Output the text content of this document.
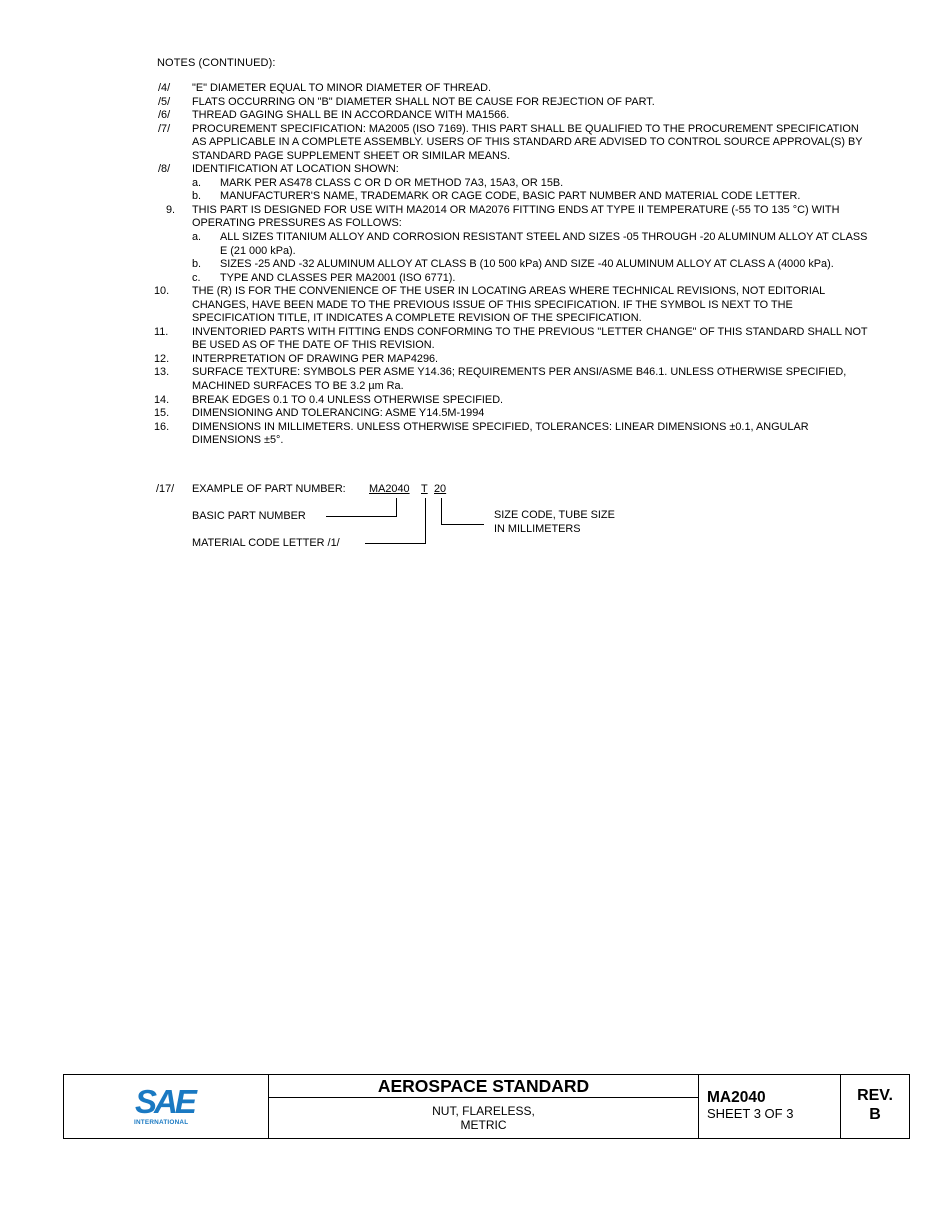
NOTES (CONTINUED):
/4/	"E" DIAMETER EQUAL TO MINOR DIAMETER OF THREAD.
/5/	FLATS OCCURRING ON "B" DIAMETER SHALL NOT BE CAUSE FOR REJECTION OF PART.
/6/	THREAD GAGING SHALL BE IN ACCORDANCE WITH MA1566.
/7/	PROCUREMENT SPECIFICATION: MA2005 (ISO 7169). THIS PART SHALL BE QUALIFIED TO THE PROCUREMENT SPECIFICATION AS APPLICABLE IN A COMPLETE ASSEMBLY. USERS OF THIS STANDARD ARE ADVISED TO CONTROL SOURCE APPROVAL(S) BY STANDARD PAGE SUPPLEMENT SHEET OR SIMILAR MEANS.
/8/	IDENTIFICATION AT LOCATION SHOWN:
a.	MARK PER AS478 CLASS C OR D OR METHOD 7A3, 15A3, OR 15B.
b.	MANUFACTURER'S NAME, TRADEMARK OR CAGE CODE, BASIC PART NUMBER AND MATERIAL CODE LETTER.
9.	THIS PART IS DESIGNED FOR USE WITH MA2014 OR MA2076 FITTING ENDS AT TYPE II TEMPERATURE (-55 TO 135 °C) WITH OPERATING PRESSURES AS FOLLOWS:
a.	ALL SIZES TITANIUM ALLOY AND CORROSION RESISTANT STEEL AND SIZES -05 THROUGH -20 ALUMINUM ALLOY AT CLASS E (21 000 kPa).
b.	SIZES -25 AND -32 ALUMINUM ALLOY AT CLASS B (10 500 kPa) AND SIZE -40 ALUMINUM ALLOY AT CLASS A (4000 kPa).
c.	TYPE AND CLASSES PER MA2001 (ISO 6771).
10.	THE (R) IS FOR THE CONVENIENCE OF THE USER IN LOCATING AREAS WHERE TECHNICAL REVISIONS, NOT EDITORIAL CHANGES, HAVE BEEN MADE TO THE PREVIOUS ISSUE OF THIS SPECIFICATION. IF THE SYMBOL IS NEXT TO THE SPECIFICATION TITLE, IT INDICATES A COMPLETE REVISION OF THE SPECIFICATION.
11.	INVENTORIED PARTS WITH FITTING ENDS CONFORMING TO THE PREVIOUS "LETTER CHANGE" OF THIS STANDARD SHALL NOT BE USED AS OF THE DATE OF THIS REVISION.
12.	INTERPRETATION OF DRAWING PER MAP4296.
13.	SURFACE TEXTURE: SYMBOLS PER ASME Y14.36; REQUIREMENTS PER ANSI/ASME B46.1. UNLESS OTHERWISE SPECIFIED, MACHINED SURFACES TO BE 3.2 µm Ra.
14.	BREAK EDGES 0.1 TO 0.4 UNLESS OTHERWISE SPECIFIED.
15.	DIMENSIONING AND TOLERANCING: ASME Y14.5M-1994
16.	DIMENSIONS IN MILLIMETERS. UNLESS OTHERWISE SPECIFIED, TOLERANCES: LINEAR DIMENSIONS ±0.1, ANGULAR DIMENSIONS ±5°.
/17/ EXAMPLE OF PART NUMBER: MA2040 T 20
BASIC PART NUMBER
MATERIAL CODE LETTER /1/
SIZE CODE, TUBE SIZE
IN MILLIMETERS
SAE
INTERNATIONAL
AEROSPACE STANDARD
NUT, FLARELESS,
METRIC
MA2040
SHEET 3 OF 3
REV.
B
